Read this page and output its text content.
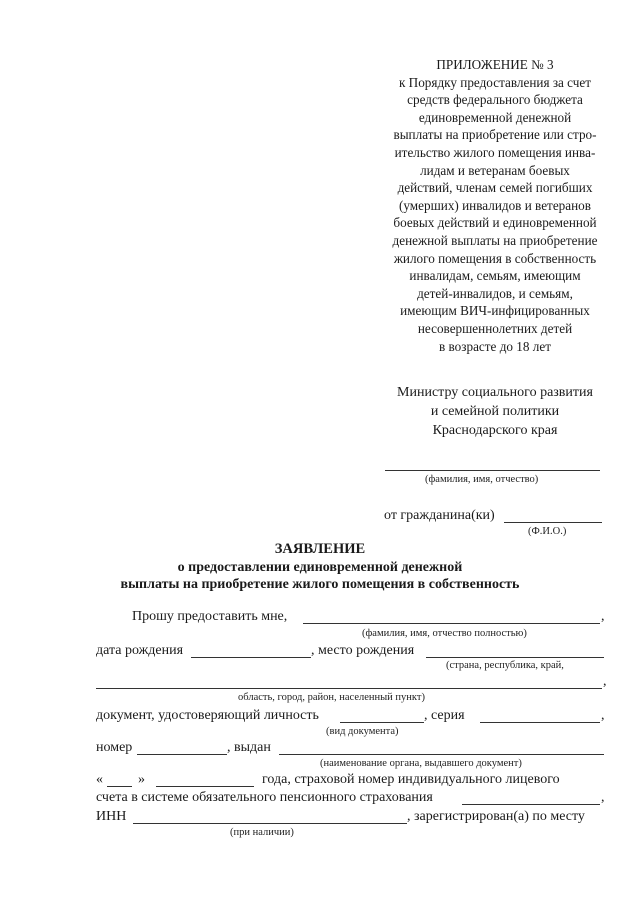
ПРИЛОЖЕНИЕ № 3
к Порядку предоставления за счет
средств федерального бюджета
единовременной денежной
выплаты на приобретение или стро-
ительство жилого помещения инва-
лидам и ветеранам боевых
действий, членам семей погибших
(умерших) инвалидов и ветеранов
боевых действий и единовременной
денежной выплаты на приобретение
жилого помещения в собственность
инвалидам, семьям, имеющим
детей-инвалидов, и семьям,
имеющим ВИЧ-инфицированных
несовершеннолетних детей
в возрасте до 18 лет
Министру социального развития
и семейной политики
Краснодарского края
(фамилия, имя, отчество)
от гражданина(ки)
(Ф.И.О.)
ЗАЯВЛЕНИЕ
о предоставлении единовременной денежной
выплаты на приобретение жилого помещения в собственность
Прошу предоставить мне,	,
(фамилия, имя, отчество полностью)
дата рождения	, место рождения
(страна, республика, край,
,
область, город, район, населенный пункт)
документ, удостоверяющий личность	, серия	,
(вид документа)
номер	, выдан
(наименование органа, выдавшего документ)
«	»	года, страховой номер индивидуального лицевого
счета в системе обязательного пенсионного страхования	,
ИНН	, зарегистрирован(а) по месту
(при наличии)
